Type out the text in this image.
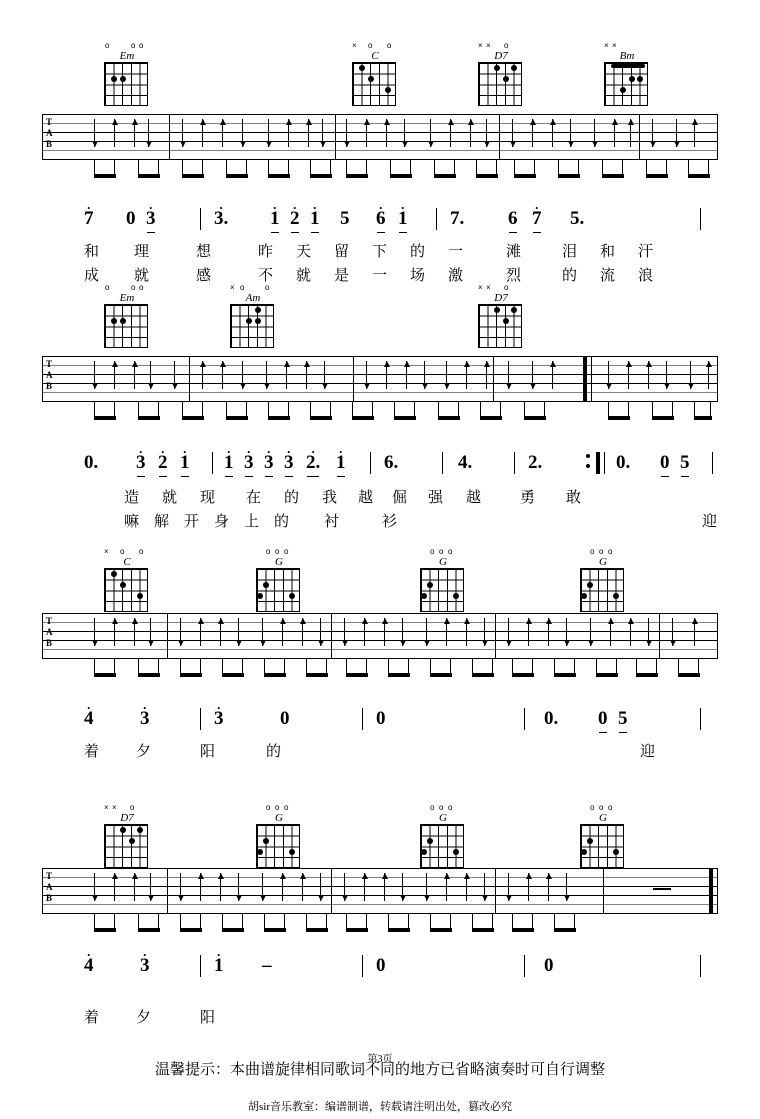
Em
o	o o
C
× o o
D7
× × o
Bm
× ×
T
A
B
.
7 0
.
3
.
3.
.
1
.
2
.
1 5
.
6
.
1 7. 6
.
7 5.
和 理	想	昨 天 留 下 的 一	滩	泪 和 汗
成 就	感	不 就 是 一 场 激	烈	的 流 浪
Em
o	o o
Am
× o	o
D7
× × o
T
A
B
0.
.
3
.
2
.
1
.
1
.
3
.
3
.
3
.
2.
.
1 6.	4.	2.	0. 0 5
造 就 现 在 的 我 越 倔 强 越	勇 敢
嘛 解 开 身 上 的 衬	衫	迎
C
× o o
G
o o o
G
o o o
G
o o o
T
A
B
.
4
.
3
.
3	0	0	0. 0 5
着 夕	阳	的	迎
D7
× × o
G
o o o
G
o o o
G
o o o
T
A
B
.
4
.
3
.
1 –	0	0
着 夕	阳
第3页
温馨提示：本曲谱旋律相同歌词不同的地方已省略演奏时可自行调整
胡sir音乐教室：编谱制谱，转载请注明出处，篡改必究
